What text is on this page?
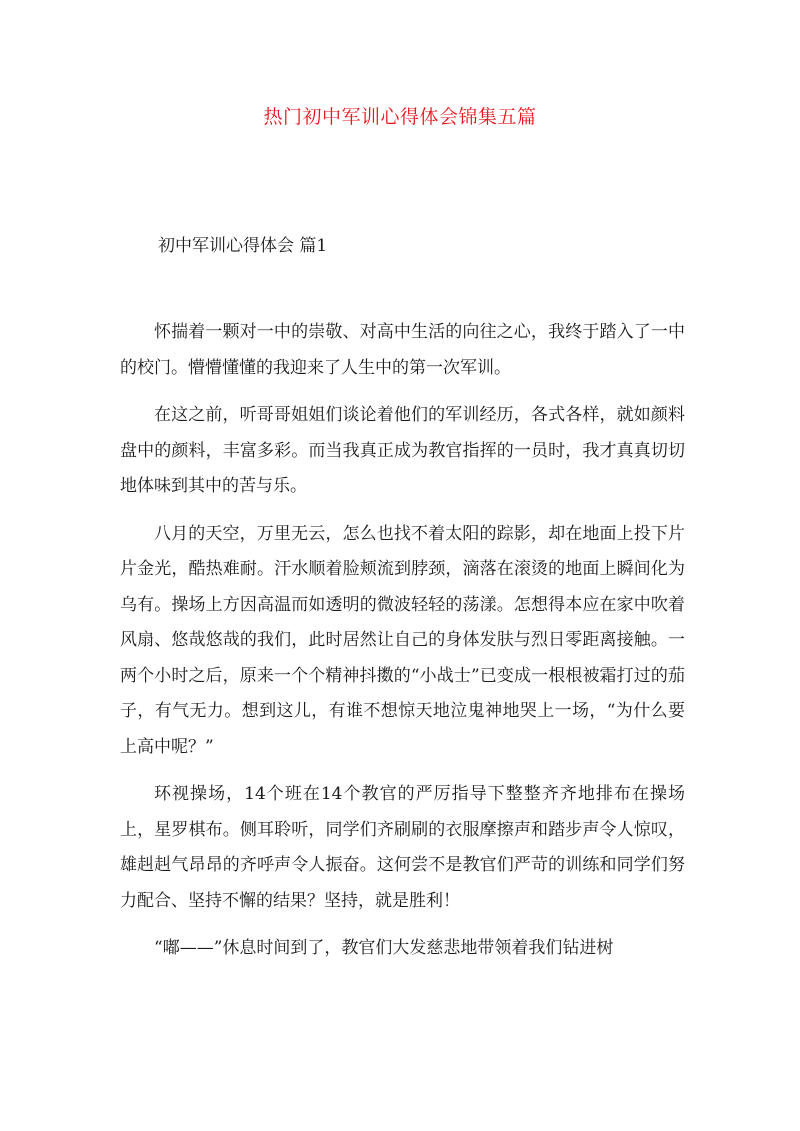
热门初中军训心得体会锦集五篇
初中军训心得体会 篇1

怀揣着一颗对一中的崇敬、对高中生活的向往之心，我终于踏入了一中的校门。懵懵懂懂的我迎来了人生中的第一次军训。

在这之前，听哥哥姐姐们谈论着他们的军训经历，各式各样，就如颜料盘中的颜料，丰富多彩。而当我真正成为教官指挥的一员时，我才真真切切地体味到其中的苦与乐。

八月的天空，万里无云，怎么也找不着太阳的踪影，却在地面上投下片片金光，酷热难耐。汗水顺着脸颊流到脖颈，滴落在滚烫的地面上瞬间化为乌有。操场上方因高温而如透明的微波轻轻的荡漾。怎想得本应在家中吹着风扇、悠哉悠哉的我们，此时居然让自己的身体发肤与烈日零距离接触。一两个小时之后，原来一个个精神抖擞的“小战士”已变成一根根被霜打过的茄子，有气无力。想到这儿，有谁不想惊天地泣鬼神地哭上一场，“为什么要上高中呢？”

环视操场，14个班在14个教官的严厉指导下整整齐齐地排布在操场上，星罗棋布。侧耳聆听，同学们齐刷刷的衣服摩擦声和踏步声令人惊叹，雄赳赳气昂昂的齐呼声令人振奋。这何尝不是教官们严苛的训练和同学们努力配合、坚持不懈的结果？坚持，就是胜利！

“嘟——”休息时间到了，教官们大发慈悲地带领着我们钻进树
